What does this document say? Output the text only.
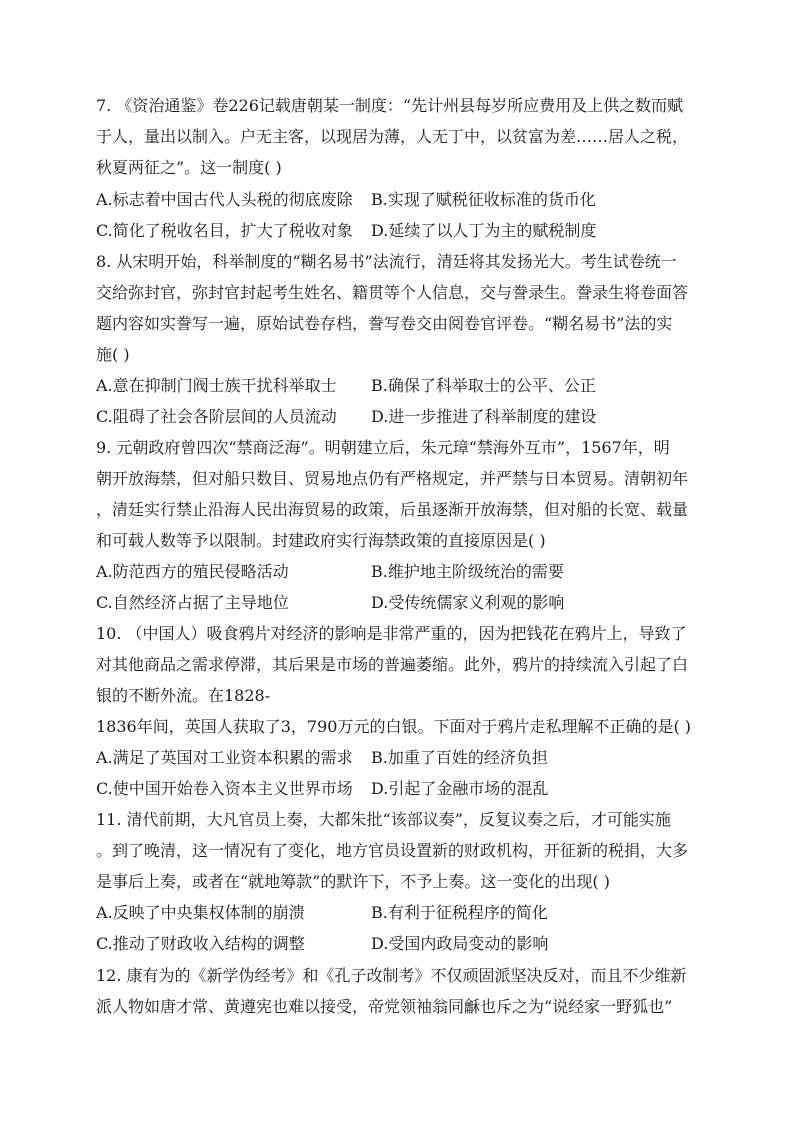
7. 《资治通鉴》卷226记载唐朝某一制度：“先计州县每岁所应费用及上供之数而赋
于人，量出以制入。户无主客，以现居为薄，人无丁中，以贫富为差……居人之税，
秋夏两征之”。这一制度( )
A.标志着中国古代人头税的彻底废除 B.实现了赋税征收标准的货币化
C.简化了税收名目，扩大了税收对象 D.延续了以人丁为主的赋税制度
8. 从宋明开始，科举制度的“糊名易书”法流行，清廷将其发扬光大。考生试卷统一
交给弥封官，弥封官封起考生姓名、籍贯等个人信息，交与誊录生。誊录生将卷面答
题内容如实誊写一遍，原始试卷存档，誊写卷交由阅卷官评卷。“糊名易书”法的实
施( )
A.意在抑制门阀士族干扰科举取士 B.确保了科举取士的公平、公正
C.阻碍了社会各阶层间的人员流动 D.进一步推进了科举制度的建设
9. 元朝政府曾四次“禁商泛海”。明朝建立后，朱元璋“禁海外互市”，1567年，明
朝开放海禁，但对船只数目、贸易地点仍有严格规定，并严禁与日本贸易。清朝初年
，清廷实行禁止沿海人民出海贸易的政策，后虽逐渐开放海禁，但对船的长宽、载量
和可载人数等予以限制。封建政府实行海禁政策的直接原因是( )
A.防范西方的殖民侵略活动	B.维护地主阶级统治的需要
C.自然经济占据了主导地位	D.受传统儒家义利观的影响
10. （中国人）吸食鸦片对经济的影响是非常严重的，因为把钱花在鸦片上，导致了
对其他商品之需求停滞，其后果是市场的普遍萎缩。此外，鸦片的持续流入引起了白
银的不断外流。在1828-
1836年间，英国人获取了3，790万元的白银。下面对于鸦片走私理解不正确的是( )
A.满足了英国对工业资本积累的需求 B.加重了百姓的经济负担
C.使中国开始卷入资本主义世界市场 D.引起了金融市场的混乱
11. 清代前期，大凡官员上奏，大都朱批“该部议奏”，反复议奏之后，才可能实施
。到了晚清，这一情况有了变化，地方官员设置新的财政机构，开征新的税捐，大多
是事后上奏，或者在“就地筹款”的默许下，不予上奏。这一变化的出现( )
A.反映了中央集权体制的崩溃	B.有利于征税程序的简化
C.推动了财政收入结构的调整	D.受国内政局变动的影响
12. 康有为的《新学伪经考》和《孔子改制考》不仅顽固派坚决反对，而且不少维新
派人物如唐才常、黄遵宪也难以接受，帝党领袖翁同龢也斥之为“说经家一野狐也”
